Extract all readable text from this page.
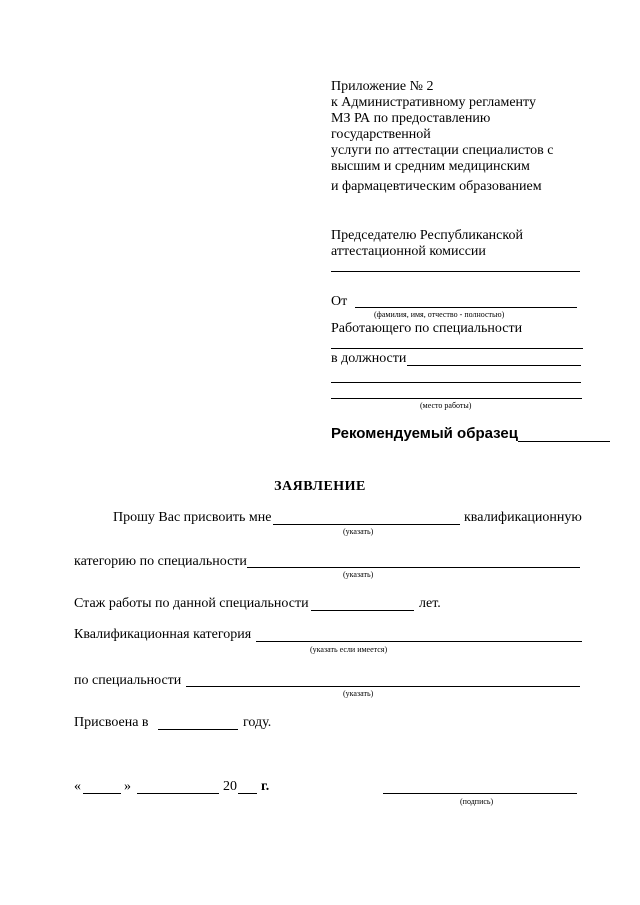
Приложение № 2
к Административному регламенту
МЗ РА по предоставлению
государственной
услуги по аттестации специалистов с
высшим и средним медицинским
и фармацевтическим образованием
Председателю Республиканской
аттестационной комиссии
От
(фамилия, имя, отчество - полностью)
Работающего по специальности
в должности
(место работы)
Рекомендуемый образец
ЗАЯВЛЕНИЕ
Прошу Вас присвоить мне	квалификационную
(указать)
категорию по специальности
(указать)
Стаж работы по данной специальности	лет.
Квалификационная категория
(указать если имеется)
по специальности
(указать)
Присвоена в	году.
«	»	20 г.
(подпись)
